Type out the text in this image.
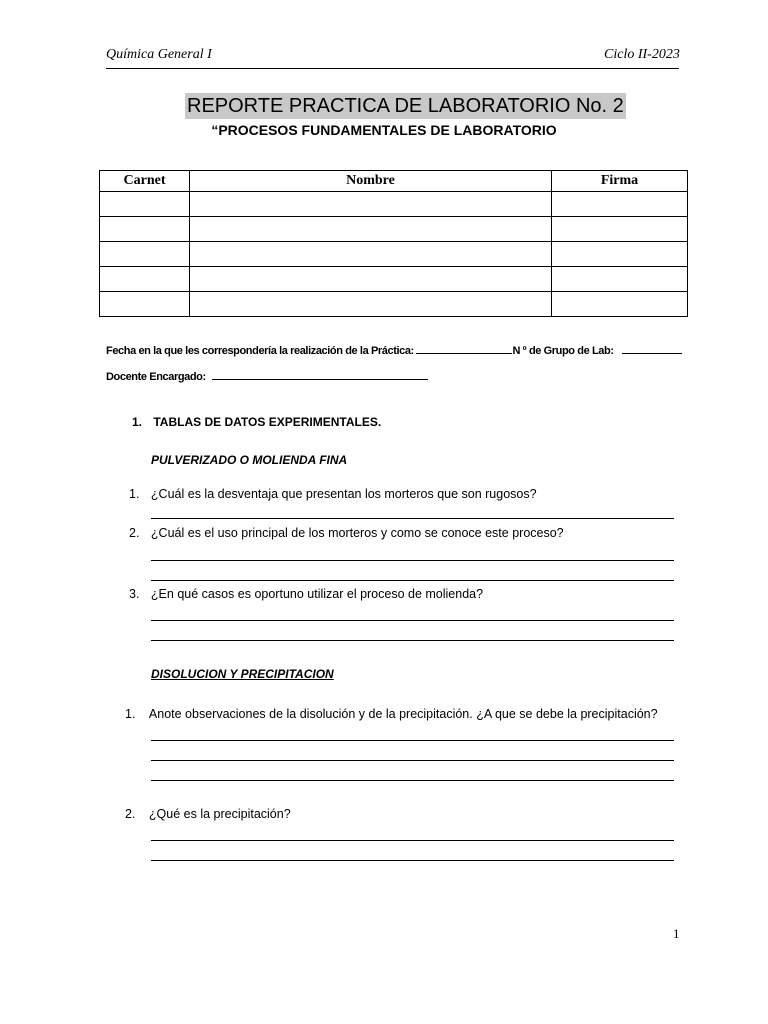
Química General I	Ciclo II-2023
REPORTE PRACTICA DE LABORATORIO No. 2
“PROCESOS FUNDAMENTALES DE LABORATORIO
Carnet	Nombre	Firma

Fecha en la que les correspondería la realización de la Práctica:	N º de Grupo de Lab:
Docente Encargado:
1. TABLAS DE DATOS EXPERIMENTALES.
PULVERIZADO O MOLIENDA FINA
1. ¿Cuál es la desventaja que presentan los morteros que son rugosos?
2. ¿Cuál es el uso principal de los morteros y como se conoce este proceso?
3. ¿En qué casos es oportuno utilizar el proceso de molienda?
DISOLUCION Y PRECIPITACION
1. Anote observaciones de la disolución y de la precipitación. ¿A que se debe la precipitación?
2. ¿Qué es la precipitación?
1
